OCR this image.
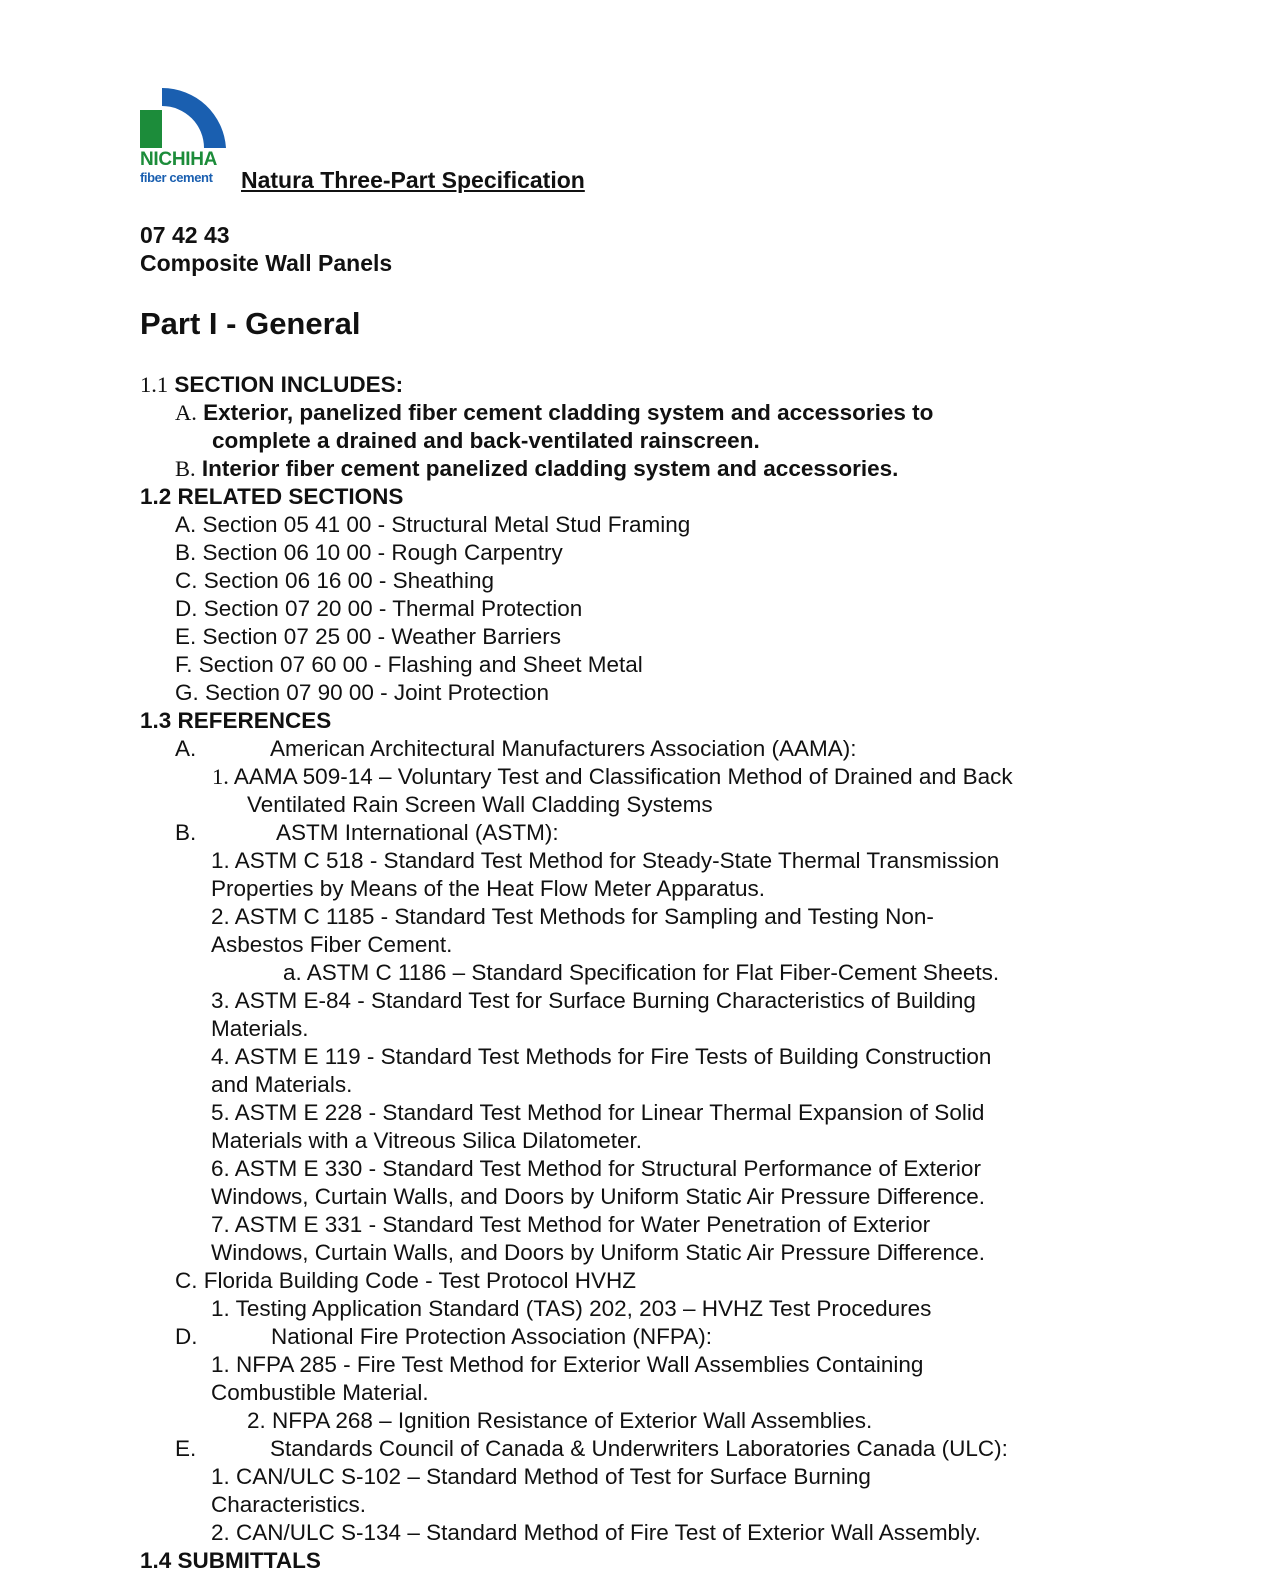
NICHIHA
fiber cement Natura Three-Part Specification
07 42 43
Composite Wall Panels
Part I - General
1.1 SECTION INCLUDES:
A. Exterior, panelized fiber cement cladding system and accessories to
complete a drained and back-ventilated rainscreen.
B. Interior fiber cement panelized cladding system and accessories.
1.2 RELATED SECTIONS
A. Section 05 41 00 - Structural Metal Stud Framing
B. Section 06 10 00 - Rough Carpentry
C. Section 06 16 00 - Sheathing
D. Section 07 20 00 - Thermal Protection
E. Section 07 25 00 - Weather Barriers
F. Section 07 60 00 - Flashing and Sheet Metal
G. Section 07 90 00 - Joint Protection
1.3 REFERENCES
A.	American Architectural Manufacturers Association (AAMA):
1. AAMA 509-14 – Voluntary Test and Classification Method of Drained and Back
Ventilated Rain Screen Wall Cladding Systems
B.	ASTM International (ASTM):
1. ASTM C 518 - Standard Test Method for Steady-State Thermal Transmission
Properties by Means of the Heat Flow Meter Apparatus.
2. ASTM C 1185 - Standard Test Methods for Sampling and Testing Non-
Asbestos Fiber Cement.
a. ASTM C 1186 – Standard Specification for Flat Fiber-Cement Sheets.
3. ASTM E-84 - Standard Test for Surface Burning Characteristics of Building
Materials.
4. ASTM E 119 - Standard Test Methods for Fire Tests of Building Construction
and Materials.
5. ASTM E 228 - Standard Test Method for Linear Thermal Expansion of Solid
Materials with a Vitreous Silica Dilatometer.
6. ASTM E 330 - Standard Test Method for Structural Performance of Exterior
Windows, Curtain Walls, and Doors by Uniform Static Air Pressure Difference.
7. ASTM E 331 - Standard Test Method for Water Penetration of Exterior
Windows, Curtain Walls, and Doors by Uniform Static Air Pressure Difference.
C. Florida Building Code - Test Protocol HVHZ
1. Testing Application Standard (TAS) 202, 203 – HVHZ Test Procedures
D.	National Fire Protection Association (NFPA):
1. NFPA 285 - Fire Test Method for Exterior Wall Assemblies Containing
Combustible Material.
2. NFPA 268 – Ignition Resistance of Exterior Wall Assemblies.
E.	Standards Council of Canada & Underwriters Laboratories Canada (ULC):
1. CAN/ULC S-102 – Standard Method of Test for Surface Burning
Characteristics.
2. CAN/ULC S-134 – Standard Method of Fire Test of Exterior Wall Assembly.
1.4 SUBMITTALS
